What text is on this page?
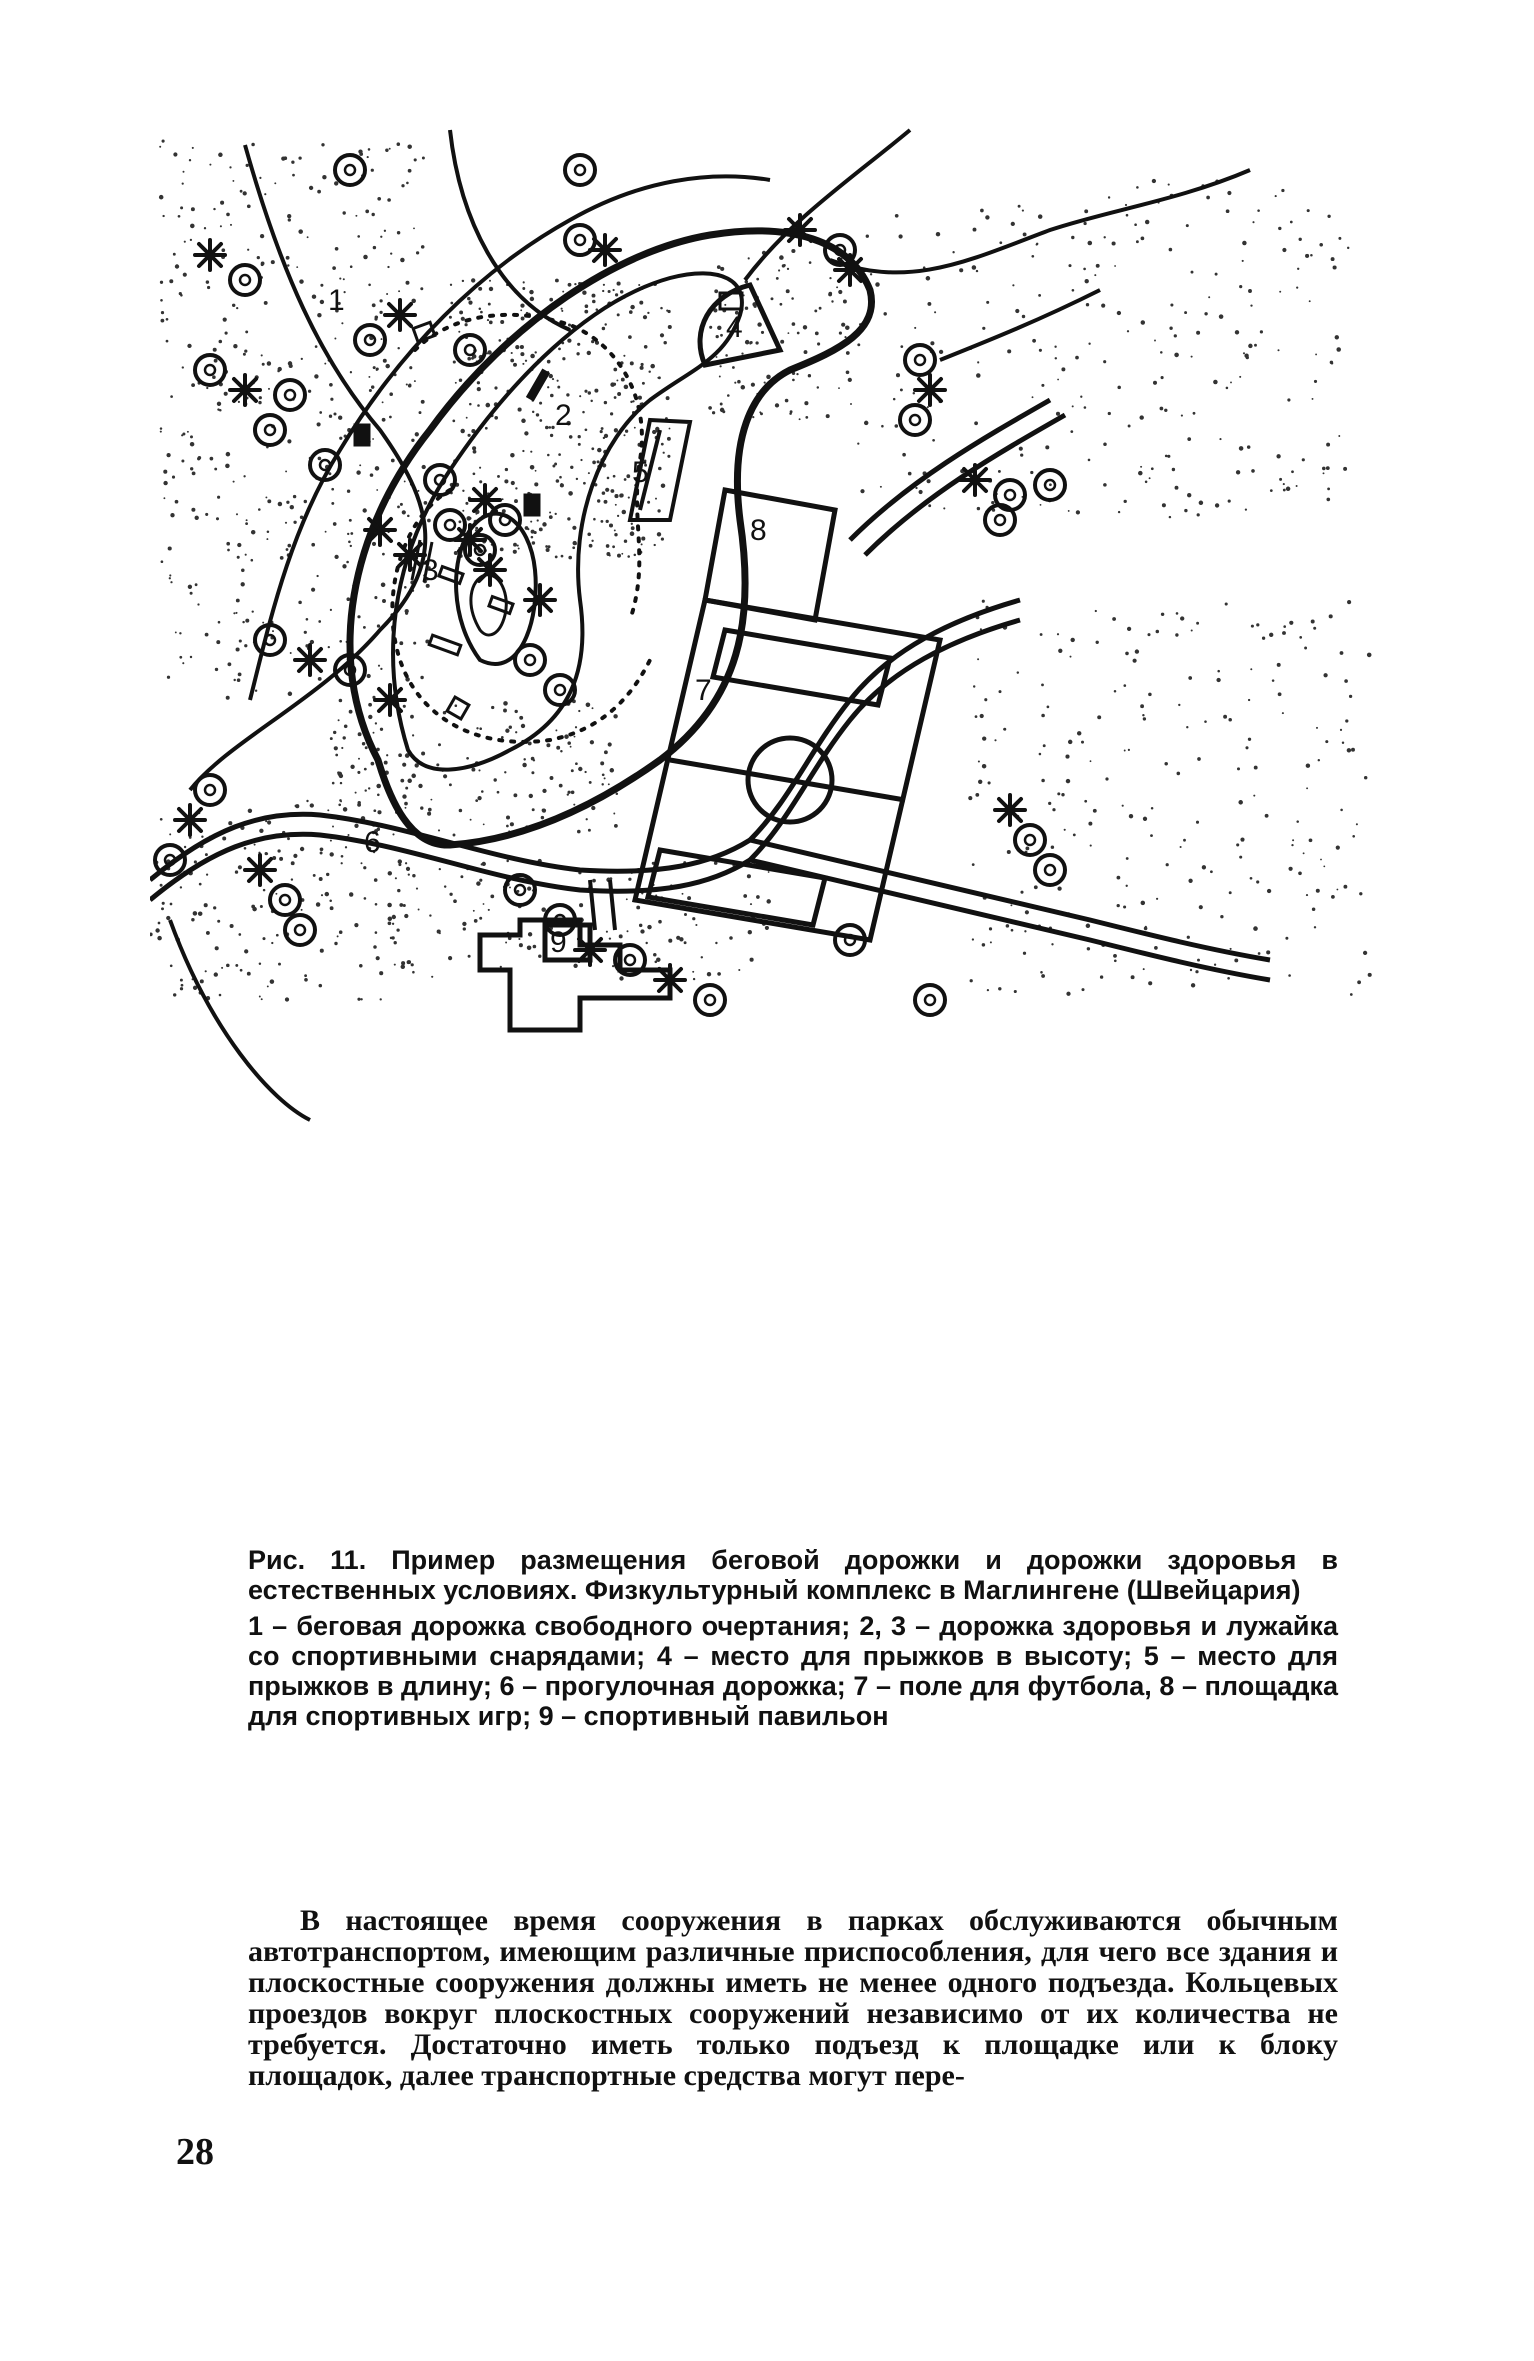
1
2
3
4
5
6
7
8
9

Рис. 11. Пример размещения беговой дорожки и дорожки здоровья в естественных условиях. Физкультурный комплекс в Маглингене (Швейцария)

1 – беговая дорожка свободного очертания; 2, 3 – дорожка здоровья и лужайка со спортивными снарядами; 4 – место для прыжков в высоту; 5 – место для прыжков в длину; 6 – прогулочная дорожка; 7 – поле для футбола, 8 – площадка для спортивных игр; 9 – спортивный павильон

В настоящее время сооружения в парках обслуживаются обычным автотранспортом, имеющим различные приспособления, для чего все здания и плоскостные сооружения должны иметь не менее одного подъезда. Кольцевых проездов вокруг плоскостных сооружений независимо от их количества не требуется. Достаточно иметь только подъезд к площадке или к блоку площадок, далее транспортные средства могут пере-

28
